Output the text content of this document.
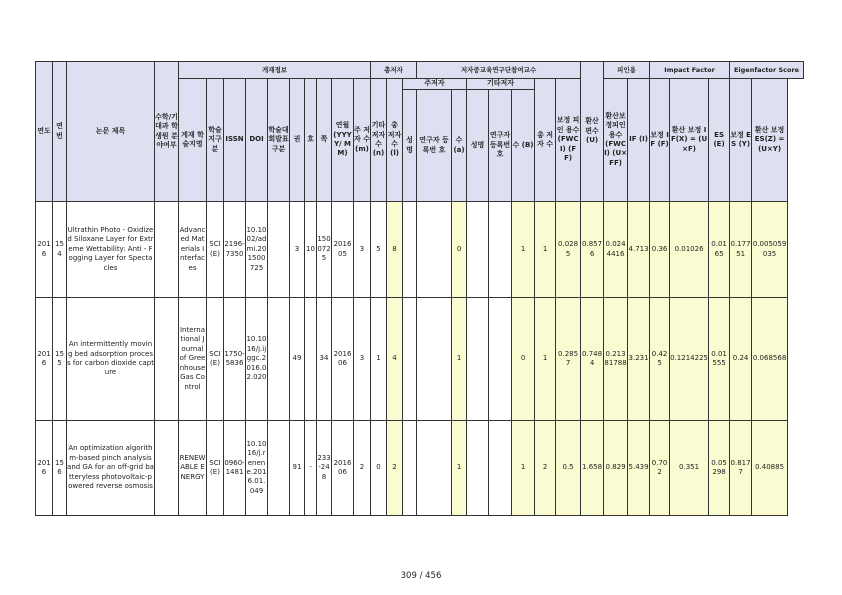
연도	연번	논문 제목	수학/기대과 학생원 분야여부	게재정보										총저자			저자중교육연구단참여교수							환산 편수 (U)	피인용		Impact Factor			Eigenfactor Score	
				게재 학술지명	학술 지구분	ISSN	DOI	학술대 회발표 구분	권	호	쪽	연월 (YYYY/ MM)	주 저자 수 (m)	기타 저자 수 (n)	총 저자 수 (l)	주저자			기타저자			총 저자 수	보정 피인 용수 (FWC I) (FF)		환산보 정피인 용수 (FWCI) (U×FF)	IF (I)	보정 IF (F)	환산 보정 IF(X) = (U×F)	ES (E)	보정 ES (Y)	환산 보정 ES(Z) =(U×Y)
																성명	연구자 등록번 호	수 (a)	성명	연구자 등록번 호	수 (B)										
2016	154	Ultrathin Photo - Oxidized Siloxane Layer for Extreme Wettability: Anti - Fogging Layer for Spectacles		Advanced Materials Interfaces	SCI(E)	2196-7350	10.1002/admi.201500725		3	10	1500725	201605	3	5	8			0			1	1	0.0285	0.8576	0.0244416	4.713	0.36	0.01026	0.0165	0.17751	0.005059035
2016	155	An intermittently moving bed adsorption process for carbon dioxide capture		International Journal of Greenhouse Gas Control	SCI(E)	1750-5836	10.1016/j.ijggc.2016.02.020		49		34	201606	3	1	4			1			0	1	0.2857	0.7484	0.21381788	3.231	0.425	0.1214225	0.01555	0.24	0.068568
2016	156	An optimization algorithm-based pinch analysis and GA for an off-grid batteryless photovoltaic-powered reverse osmosis		RENEWABLE ENERGY	SCI(E)	0960-1481	10.1016/j.renene.2016.01.049		91	-	233-248	201606	2	0	2			1			1	2	0.5	1.658	0.829	5.439	0.702	0.351	0.05298	0.8177	0.40885
309 / 456
